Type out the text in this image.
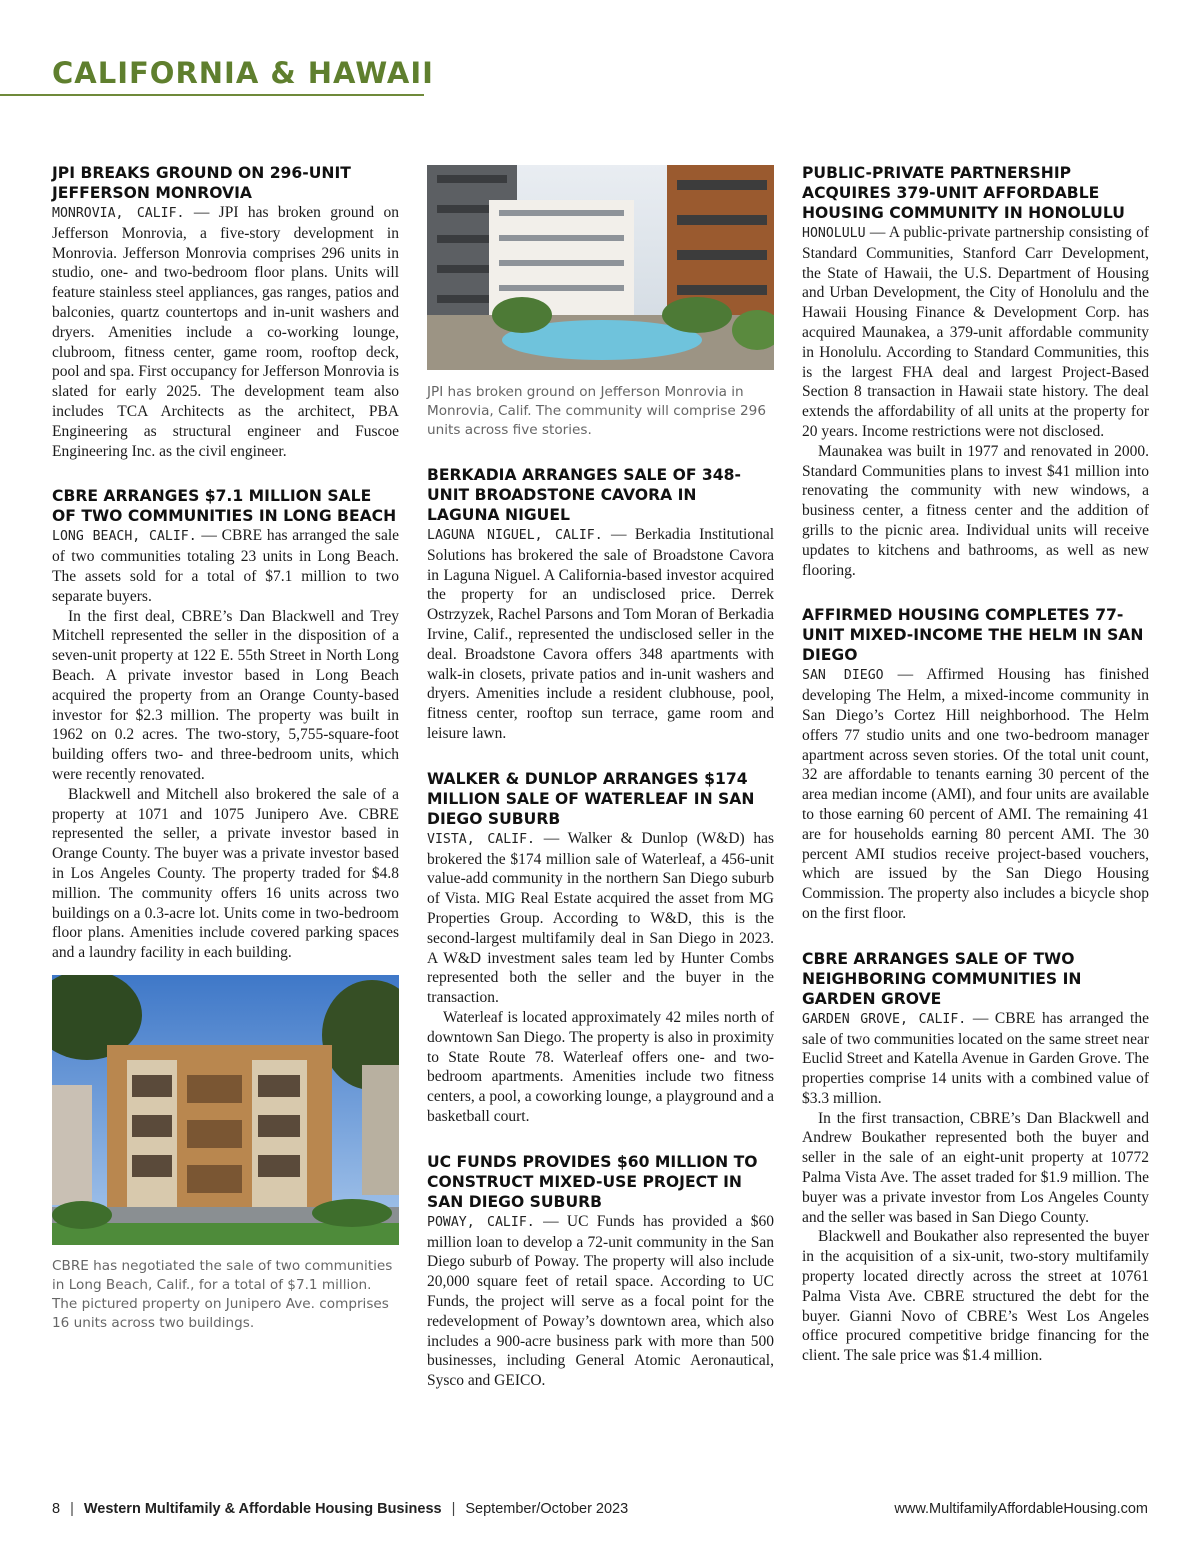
CALIFORNIA & HAWAII
JPI BREAKS GROUND ON 296-UNIT JEFFERSON MONROVIA

MONROVIA, CALIF. — JPI has broken ground on Jefferson Monrovia, a five-story development in Monrovia. Jefferson Monrovia comprises 296 units in studio, one- and two-bedroom floor plans. Units will feature stainless steel appliances, gas ranges, patios and balconies, quartz countertops and in-unit washers and dryers. Amenities include a co-working lounge, clubroom, fitness center, game room, rooftop deck, pool and spa. First occupancy for Jefferson Monrovia is slated for early 2025. The development team also includes TCA Architects as the architect, PBA Engineering as structural engineer and Fuscoe Engineering Inc. as the civil engineer.

CBRE ARRANGES $7.1 MILLION SALE OF TWO COMMUNITIES IN LONG BEACH

LONG BEACH, CALIF. — CBRE has arranged the sale of two communities totaling 23 units in Long Beach. The assets sold for a total of $7.1 million to two separate buyers.

In the first deal, CBRE’s Dan Blackwell and Trey Mitchell represented the seller in the disposition of a seven-unit property at 122 E. 55th Street in North Long Beach. A private investor based in Long Beach acquired the property from an Orange County-based investor for $2.3 million. The property was built in 1962 on 0.2 acres. The two-story, 5,755-square-foot building offers two- and three-bedroom units, which were recently renovated.

Blackwell and Mitchell also brokered the sale of a property at 1071 and 1075 Junipero Ave. CBRE represented the seller, a private investor based in Orange County. The buyer was a private investor based in Los Angeles County. The property traded for $4.8 million. The community offers 16 units across two buildings on a 0.3-acre lot. Units come in two-bedroom floor plans. Amenities include covered parking spaces and a laundry facility in each building.

CBRE has negotiated the sale of two communities in Long Beach, Calif., for a total of $7.1 million. The pictured property on Junipero Ave. comprises 16 units across two buildings.

JPI has broken ground on Jefferson Monrovia in Monrovia, Calif. The community will comprise 296 units across five stories.

BERKADIA ARRANGES SALE OF 348-UNIT BROADSTONE CAVORA IN LAGUNA NIGUEL

LAGUNA NIGUEL, CALIF. — Berkadia Institutional Solutions has brokered the sale of Broadstone Cavora in Laguna Niguel. A California-based investor acquired the property for an undisclosed price. Derrek Ostrzyzek, Rachel Parsons and Tom Moran of Berkadia Irvine, Calif., represented the undisclosed seller in the deal. Broadstone Cavora offers 348 apartments with walk-in closets, private patios and in-unit washers and dryers. Amenities include a resident clubhouse, pool, fitness center, rooftop sun terrace, game room and leisure lawn.

WALKER & DUNLOP ARRANGES $174 MILLION SALE OF WATERLEAF IN SAN DIEGO SUBURB

VISTA, CALIF. — Walker & Dunlop (W&D) has brokered the $174 million sale of Waterleaf, a 456-unit value-add community in the northern San Diego suburb of Vista. MIG Real Estate acquired the asset from MG Properties Group. According to W&D, this is the second-largest multifamily deal in San Diego in 2023. A W&D investment sales team led by Hunter Combs represented both the seller and the buyer in the transaction.

Waterleaf is located approximately 42 miles north of downtown San Diego. The property is also in proximity to State Route 78. Waterleaf offers one- and two-bedroom apartments. Amenities include two fitness centers, a pool, a coworking lounge, a playground and a basketball court.

UC FUNDS PROVIDES $60 MILLION TO CONSTRUCT MIXED-USE PROJECT IN SAN DIEGO SUBURB

POWAY, CALIF. — UC Funds has provided a $60 million loan to develop a 72-unit community in the San Diego suburb of Poway. The property will also include 20,000 square feet of retail space. According to UC Funds, the project will serve as a focal point for the redevelopment of Poway’s downtown area, which also includes a 900-acre business park with more than 500 businesses, including General Atomic Aeronautical, Sysco and GEICO.

PUBLIC-PRIVATE PARTNERSHIP ACQUIRES 379-UNIT AFFORDABLE HOUSING COMMUNITY IN HONOLULU

HONOLULU — A public-private partnership consisting of Standard Communities, Stanford Carr Development, the State of Hawaii, the U.S. Department of Housing and Urban Development, the City of Honolulu and the Hawaii Housing Finance & Development Corp. has acquired Maunakea, a 379-unit affordable community in Honolulu. According to Standard Communities, this is the largest FHA deal and largest Project-Based Section 8 transaction in Hawaii state history. The deal extends the affordability of all units at the property for 20 years. Income restrictions were not disclosed.

Maunakea was built in 1977 and renovated in 2000. Standard Communities plans to invest $41 million into renovating the community with new windows, a business center, a fitness center and the addition of grills to the picnic area. Individual units will receive updates to kitchens and bathrooms, as well as new flooring.

AFFIRMED HOUSING COMPLETES 77-UNIT MIXED-INCOME THE HELM IN SAN DIEGO

SAN DIEGO — Affirmed Housing has finished developing The Helm, a mixed-income community in San Diego’s Cortez Hill neighborhood. The Helm offers 77 studio units and one two-bedroom manager apartment across seven stories. Of the total unit count, 32 are affordable to tenants earning 30 percent of the area median income (AMI), and four units are available to those earning 60 percent of AMI. The remaining 41 are for households earning 80 percent AMI. The 30 percent AMI studios receive project-based vouchers, which are issued by the San Diego Housing Commission. The property also includes a bicycle shop on the first floor.

CBRE ARRANGES SALE OF TWO NEIGHBORING COMMUNITIES IN GARDEN GROVE

GARDEN GROVE, CALIF. — CBRE has arranged the sale of two communities located on the same street near Euclid Street and Katella Avenue in Garden Grove. The properties comprise 14 units with a combined value of $3.3 million.

In the first transaction, CBRE’s Dan Blackwell and Andrew Boukather represented both the buyer and seller in the sale of an eight-unit property at 10772 Palma Vista Ave. The asset traded for $1.9 million. The buyer was a private investor from Los Angeles County and the seller was based in San Diego County.

Blackwell and Boukather also represented the buyer in the acquisition of a six-unit, two-story multifamily property located directly across the street at 10761 Palma Vista Ave. CBRE structured the debt for the buyer. Gianni Novo of CBRE’s West Los Angeles office procured competitive bridge financing for the client. The sale price was $1.4 million.

8 | Western Multifamily & Affordable Housing Business | September/October 2023	www.MultifamilyAffordableHousing.com
